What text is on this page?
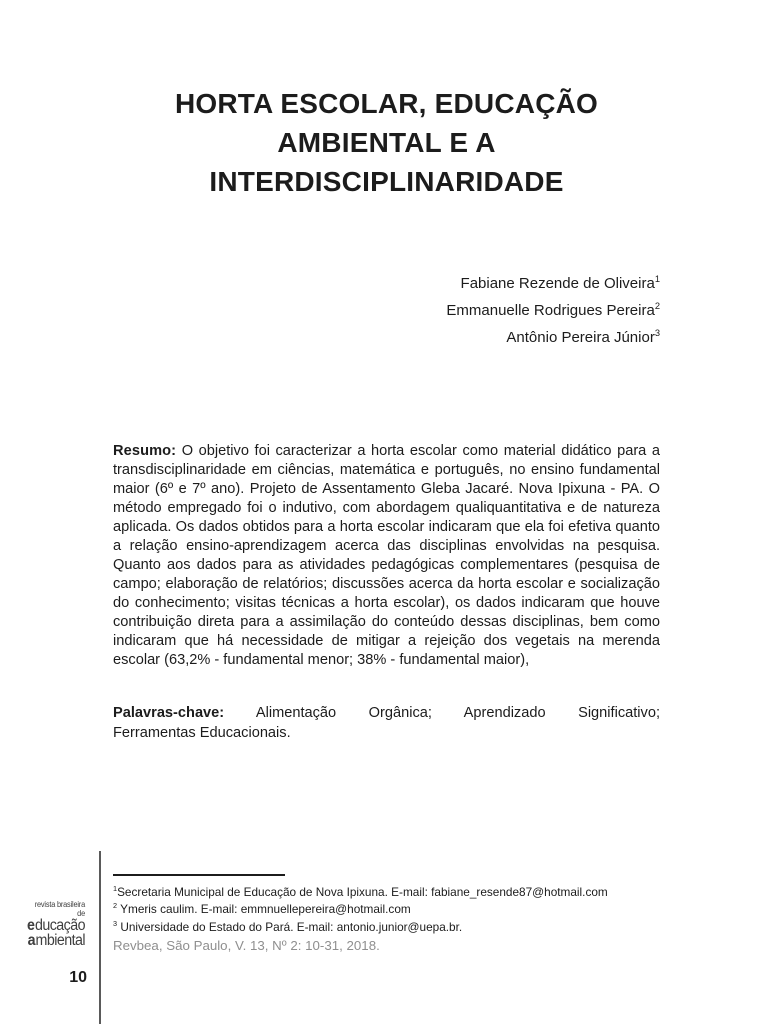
HORTA ESCOLAR, EDUCAÇÃO
AMBIENTAL E A
INTERDISCIPLINARIDADE
Fabiane Rezende de Oliveira$^1$
Emmanuelle Rodrigues Pereira$^2$
Antônio Pereira Júnior$^3$

Resumo: O objetivo foi caracterizar a horta escolar como material didático para a transdisciplinaridade em ciências, matemática e português, no ensino fundamental maior (6º e 7º ano). Projeto de Assentamento Gleba Jacaré. Nova Ipixuna - PA. O método empregado foi o indutivo, com abordagem qualiquantitativa e de natureza aplicada. Os dados obtidos para a horta escolar indicaram que ela foi efetiva quanto a relação ensino-aprendizagem acerca das disciplinas envolvidas na pesquisa. Quanto aos dados para as atividades pedagógicas complementares (pesquisa de campo; elaboração de relatórios; discussões acerca da horta escolar e socialização do conhecimento; visitas técnicas a horta escolar), os dados indicaram que houve contribuição direta para a assimilação do conteúdo dessas disciplinas, bem como indicaram que há necessidade de mitigar a rejeição dos vegetais na merenda escolar (63,2% - fundamental menor; 38% - fundamental maior),

Palavras-chave: Alimentação Orgânica; Aprendizado Significativo;
Ferramentas Educacionais.
$^1$Secretaria Municipal de Educação de Nova Ipixuna. E-mail: fabiane_resende87@hotmail.com
$^2$ Ymeris caulim. E-mail: emmnuellepereira@hotmail.com
$^3$ Universidade do Estado do Pará. E-mail: antonio.junior@uepa.br.
Revbea, São Paulo, V. 13, Nº 2: 10-31, 2018.
revista brasileira
de
educação
ambiental
10
